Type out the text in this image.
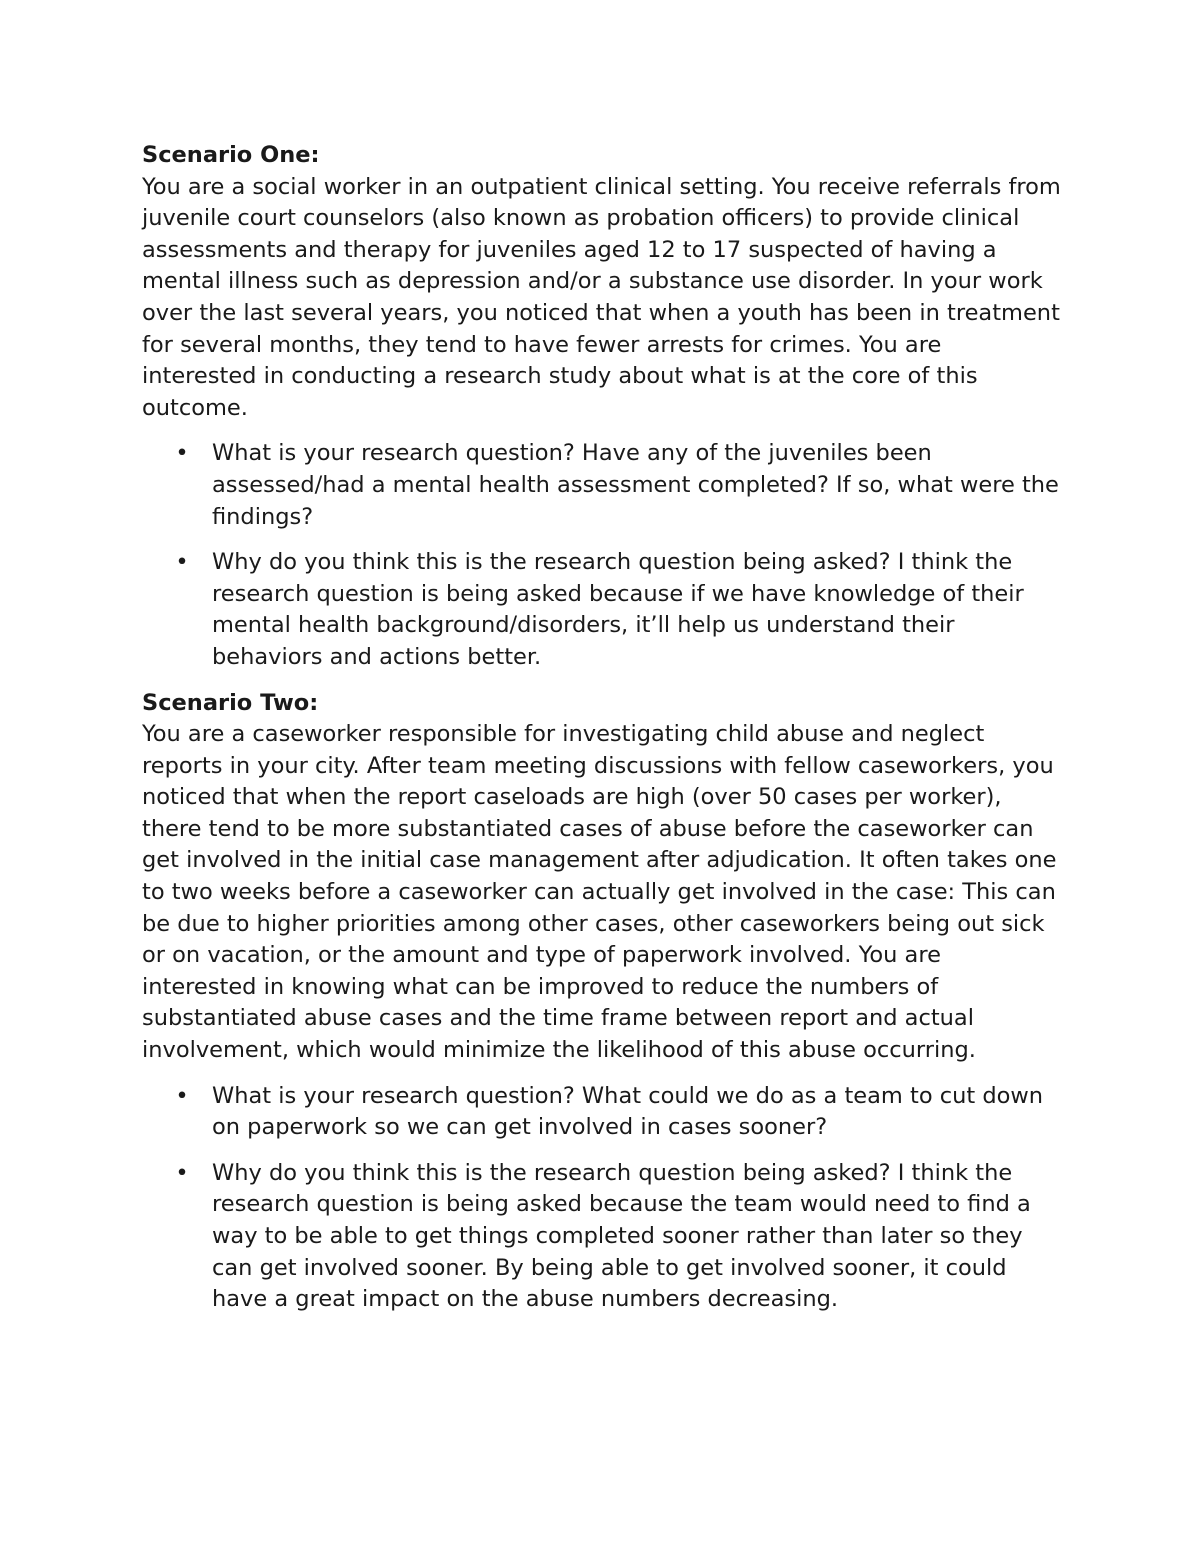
Scenario One:

You are a social worker in an outpatient clinical setting. You receive referrals from juvenile court counselors (also known as probation officers) to provide clinical assessments and therapy for juveniles aged 12 to 17 suspected of having a mental illness such as depression and/or a substance use disorder. In your work over the last several years, you noticed that when a youth has been in treatment for several months, they tend to have fewer arrests for crimes. You are interested in conducting a research study about what is at the core of this outcome.

• What is your research question? Have any of the juveniles been assessed/had a mental health assessment completed? If so, what were the findings?
• Why do you think this is the research question being asked? I think the research question is being asked because if we have knowledge of their mental health background/disorders, it’ll help us understand their behaviors and actions better.

Scenario Two:

You are a caseworker responsible for investigating child abuse and neglect reports in your city. After team meeting discussions with fellow caseworkers, you noticed that when the report caseloads are high (over 50 cases per worker), there tend to be more substantiated cases of abuse before the caseworker can get involved in the initial case management after adjudication. It often takes one to two weeks before a caseworker can actually get involved in the case: This can be due to higher priorities among other cases, other caseworkers being out sick or on vacation, or the amount and type of paperwork involved. You are interested in knowing what can be improved to reduce the numbers of substantiated abuse cases and the time frame between report and actual involvement, which would minimize the likelihood of this abuse occurring.

• What is your research question? What could we do as a team to cut down on paperwork so we can get involved in cases sooner?
• Why do you think this is the research question being asked? I think the research question is being asked because the team would need to find a way to be able to get things completed sooner rather than later so they can get involved sooner. By being able to get involved sooner, it could have a great impact on the abuse numbers decreasing.
